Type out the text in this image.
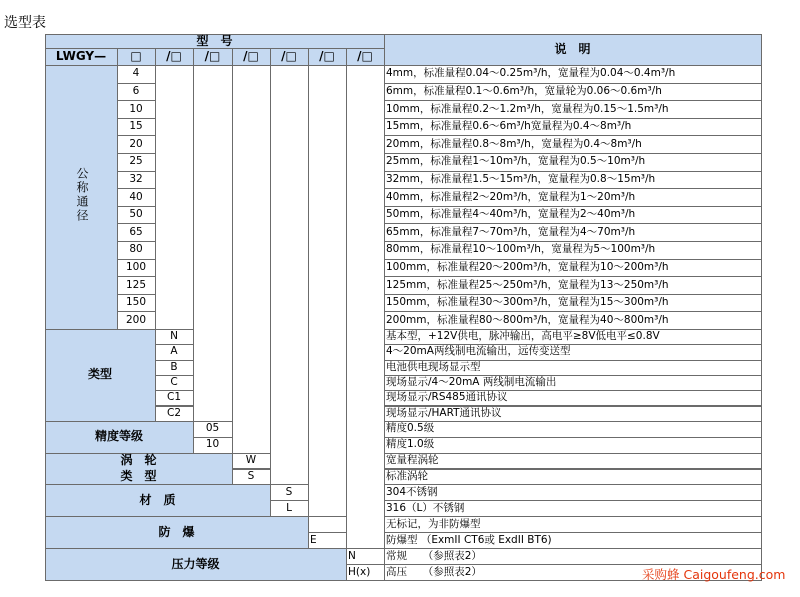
选型表
型　号
说　明
LWGY—	□	/□	/□	/□	/□	/□	/□
公称通径
4	4mm，标准量程0.04～0.25m³/h，宽量程为0.04～0.4m³/h
6	6mm，标准量程0.1～0.6m³/h，宽量轮为0.06～0.6m³/h
10	10mm，标准量程0.2～1.2m³/h，宽量程为0.15～1.5m³/h
15	15mm，标准量程0.6～6m³/h宽量程为0.4～8m³/h
20	20mm，标准量程0.8～8m³/h，宽量程为0.4～8m³/h
25	25mm，标准量程1～10m³/h，宽量程为0.5～10m³/h
32	32mm，标准量程1.5～15m³/h，宽量程为0.8～15m³/h
40	40mm，标准量程2～20m³/h，宽量程为1～20m³/h
50	50mm，标准量程4～40m³/h，宽量程为2～40m³/h
65	65mm，标准量程7～70m³/h，宽量程为4～70m³/h
80	80mm，标准量程10～100m³/h，宽量程为5～100m³/h
100	100mm，标准量程20～200m³/h，宽量程为10～200m³/h
125	125mm，标准量程25～250m³/h，宽量程为13～250m³/h
150	150mm，标准量程30～300m³/h，宽量程为15～300m³/h
200	200mm，标准量程80～800m³/h，宽量程为40～800m³/h
类型
N	基本型，+12V供电，脉冲输出，高电平≥8V低电平≤0.8V
A	4～20mA两线制电流输出，远传变送型
B	电池供电现场显示型
C	现场显示/4～20mA 两线制电流输出
C1	现场显示/RS485通讯协议
C2	现场显示/HART通讯协议
精度等级
05	精度0.5级
10	精度1.0级
涡　轮
类　型
W	宽量程涡轮
S	标准涡轮
材　质
S	304不锈钢
L	316（L）不锈钢
防　爆
无标记，为非防爆型
E	防爆型 （ExmII CT6或 ExdII BT6)
压力等级
N	常规　　（参照表2）
H(x)	高压　　（参照表2）	采购蜂 Caigoufeng.com
